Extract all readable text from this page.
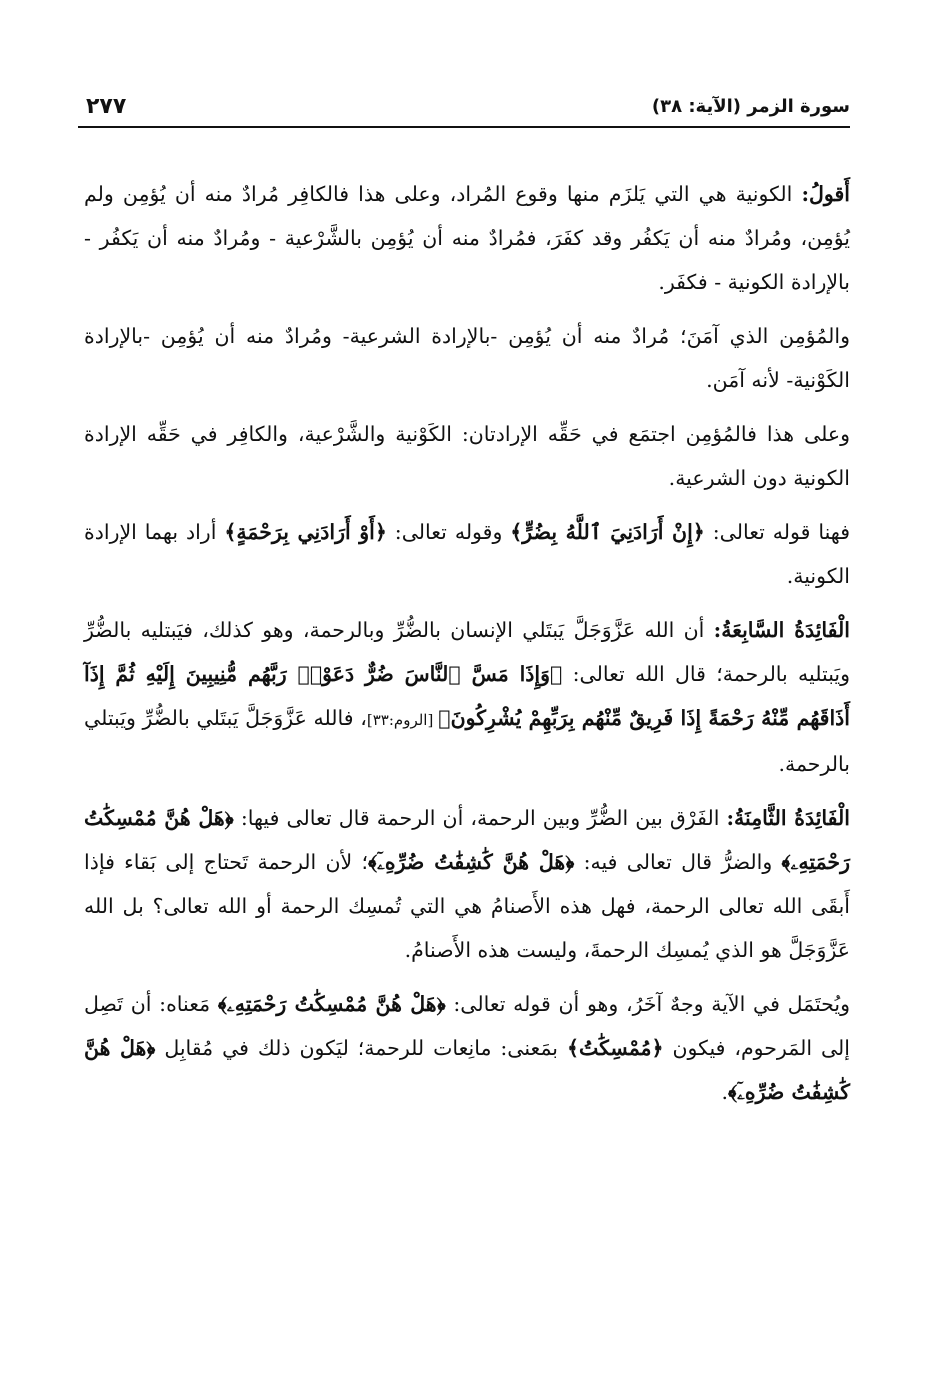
سورة الزمر (الآية: ٣٨)
٢٧٧

أَقولُ: الكونية هي التي يَلزَم منها وقوع المُراد، وعلى هذا فالكافِر مُرادٌ منه أن يُؤمِن ولم يُؤمِن، ومُرادٌ منه أن يَكفُر وقد كفَرَ، فمُرادٌ منه أن يُؤمِن بالشَّرْعية - ومُرادٌ منه أن يَكفُر - بالإرادة الكونية - فكفَر.

والمُؤمِن الذي آمَنَ؛ مُرادٌ منه أن يُؤمِن -بالإرادة الشرعية- ومُرادٌ منه أن يُؤمِن -بالإرادة الكَوْنية- لأنه آمَن.

وعلى هذا فالمُؤمِن اجتمَع في حَقِّه الإرادتان: الكَوْنية والشَّرْعية، والكافِر في حَقِّه الإرادة الكونية دون الشرعية.

فهنا قوله تعالى: ﴿إِنْ أَرَادَنِيَ ٱللَّهُ بِضُرٍّ﴾ وقوله تعالى: ﴿أَوْ أَرَادَنِي بِرَحْمَةٍ﴾ أراد بهما الإرادة الكونية.

الْفَائِدَةُ السَّابِعَةُ: أن الله عَزَّوَجَلَّ يَبتَلي الإنسان بالضُّرِّ وبالرحمة، وهو كذلك، فيَبتليه بالضُّرِّ ويَبتليه بالرحمة؛ قال الله تعالى: ﴿وَإِذَا مَسَّ ٱلنَّاسَ ضُرٌّ دَعَوْا۟ رَبَّهُم مُّنِيبِينَ إِلَيْهِ ثُمَّ إِذَآ أَذَاقَهُم مِّنْهُ رَحْمَةً إِذَا فَرِيقٌ مِّنْهُم بِرَبِّهِمْ يُشْرِكُونَ﴾ [الروم:٣٣]، فالله عَزَّوَجَلَّ يَبتَلي بالضُّرِّ ويَبتلي بالرحمة.

الْفَائِدَةُ الثَّامِنَةُ: الفَرْق بين الضُّرِّ وبين الرحمة، أن الرحمة قال تعالى فيها: ﴿هَلْ هُنَّ مُمْسِكَٰتُ رَحْمَتِهِۦ﴾ والضرُّ قال تعالى فيه: ﴿هَلْ هُنَّ كَٰشِفَٰتُ ضُرِّهِۦٓ﴾؛ لأن الرحمة تَحتاج إلى بَقاء فإذا أَبقَى الله تعالى الرحمة، فهل هذه الأَصنامُ هي التي تُمسِك الرحمة أو الله تعالى؟ بل الله عَزَّوَجَلَّ هو الذي يُمسِك الرحمةَ، وليست هذه الأَصنامُ.

ويُحتَمَل في الآية وجهٌ آخَرُ، وهو أن قوله تعالى: ﴿هَلْ هُنَّ مُمْسِكَٰتُ رَحْمَتِهِۦ﴾ مَعناه: أن تَصِل إلى المَرحوم، فيكون ﴿مُمْسِكَٰتُ﴾ بمَعنى: مانِعات للرحمة؛ ليَكون ذلك في مُقابِل ﴿هَلْ هُنَّ كَٰشِفَٰتُ ضُرِّهِۦٓ﴾.
